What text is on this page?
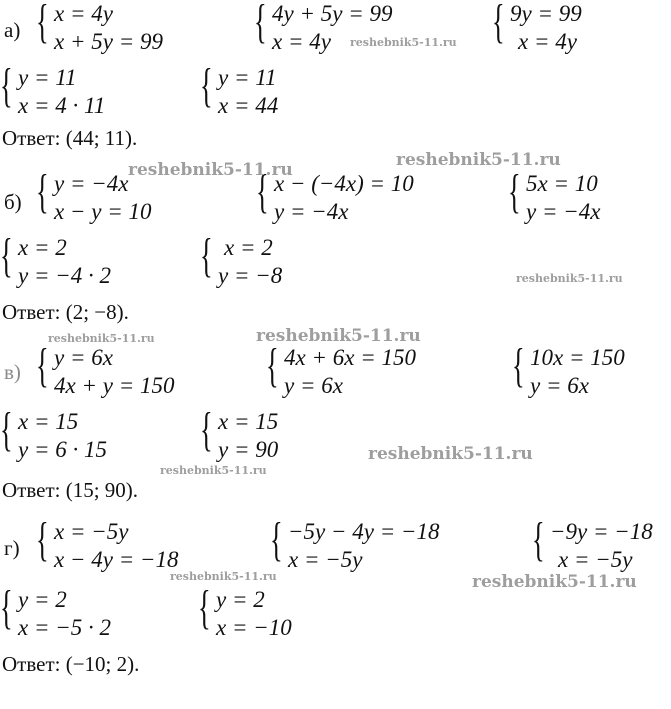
а) { x = 4y
x + 5y = 99 { 4y + 5y = 99
x = 4y	{ 9y = 99
x = 4y
{ y = 11
x = 4 · 11 { y = 11
x = 44
Ответ: (44; 11).
б) { y = −4x
x − y = 10 { x − (−4x) = 10
y = −4x	{ 5x = 10
y = −4x
{ x = 2
y = −4 · 2 { x = 2
y = −8
Ответ: (2; −8).
в) { y = 6x
4x + y = 150 { 4x + 6x = 150
y = 6x	{ 10x = 150
y = 6x
{ x = 15
y = 6 · 15 { x = 15
y = 90
Ответ: (15; 90).
г) { x = −5y
x − 4y = −18 { −5y − 4y = −18
x = −5y	{ −9y = −18
x = −5y
{ y = 2
x = −5 · 2 { y = 2
x = −10
Ответ: (−10; 2).
reshebnik5-11.ru
reshebnik5-11.ru	reshebnik5-11.ru
reshebnik5-11.ru
reshebnik5-11.ru	reshebnik5-11.ru
reshebnik5-11.ru
reshebnik5-11.ru
reshebnik5-11.ru
reshebnik5-11.ru
